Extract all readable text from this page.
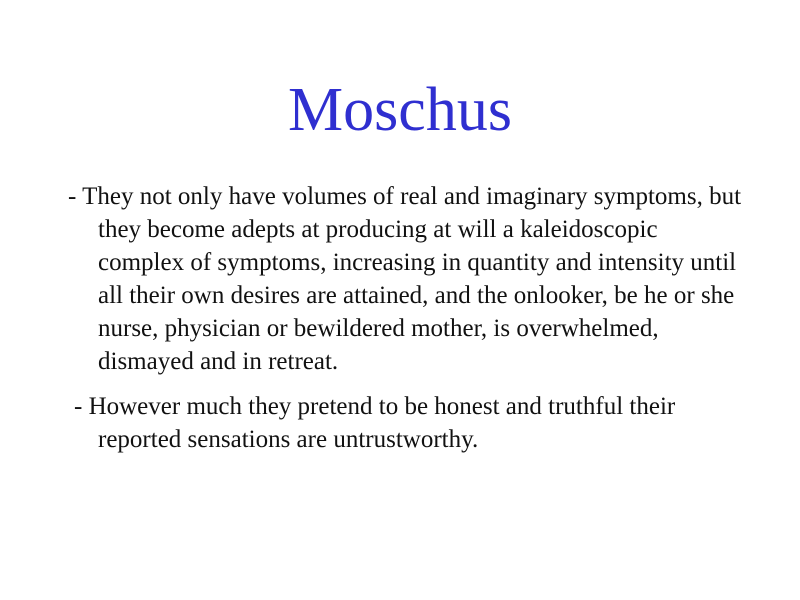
Moschus
- They not only have volumes of real and imaginary symptoms, but they become adepts at producing at will a kaleidoscopic complex of symptoms, increasing in quantity and intensity until all their own desires are attained, and the onlooker, be he or she nurse, physician or bewildered mother, is overwhelmed, dismayed and in retreat.
- However much they pretend to be honest and truthful their reported sensations are untrustworthy.
